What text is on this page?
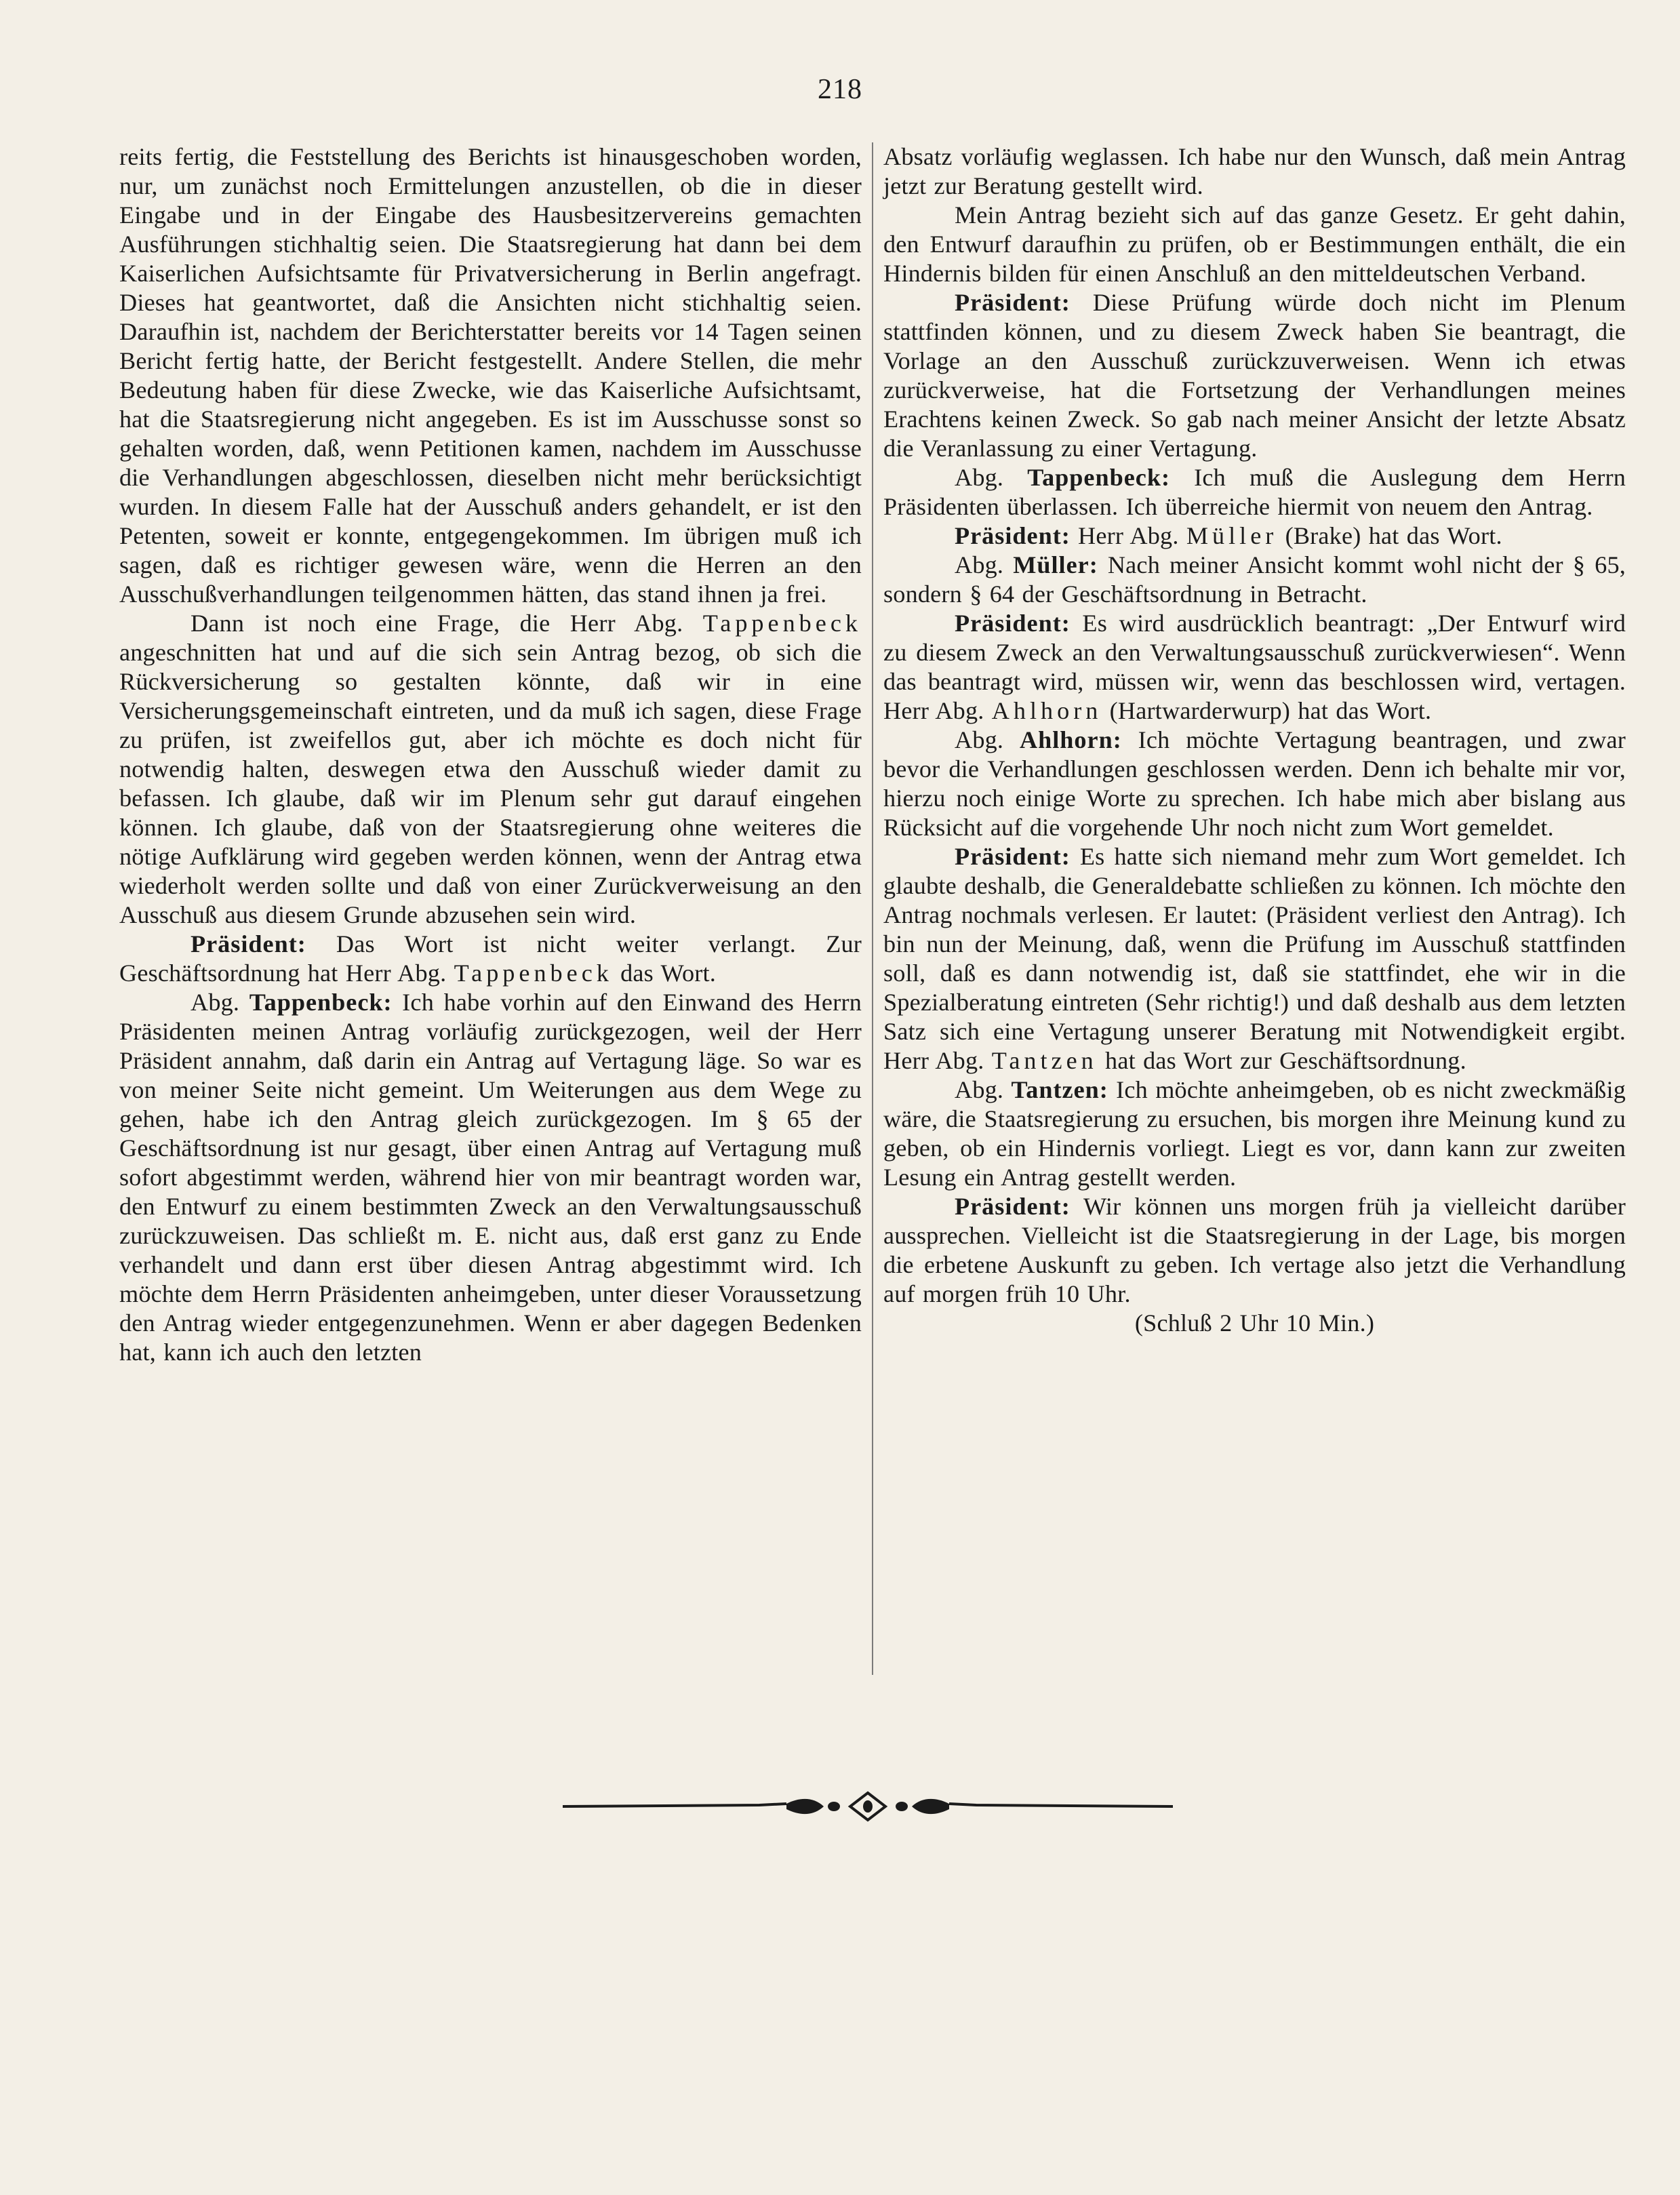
218

reits fertig, die Feststellung des Berichts ist hinausgeschoben worden, nur, um zunächst noch Ermittelungen anzustellen, ob die in dieser Eingabe und in der Eingabe des Hausbesitzervereins gemachten Ausführungen stichhaltig seien. Die Staatsregierung hat dann bei dem Kaiserlichen Aufsichtsamte für Privatversicherung in Berlin angefragt. Dieses hat geantwortet, daß die Ansichten nicht stichhaltig seien. Daraufhin ist, nachdem der Berichterstatter bereits vor 14 Tagen seinen Bericht fertig hatte, der Bericht festgestellt. Andere Stellen, die mehr Bedeutung haben für diese Zwecke, wie das Kaiserliche Aufsichtsamt, hat die Staatsregierung nicht angegeben. Es ist im Ausschusse sonst so gehalten worden, daß, wenn Petitionen kamen, nachdem im Ausschusse die Verhandlungen abgeschlossen, dieselben nicht mehr berücksichtigt wurden. In diesem Falle hat der Ausschuß anders gehandelt, er ist den Petenten, soweit er konnte, entgegengekommen. Im übrigen muß ich sagen, daß es richtiger gewesen wäre, wenn die Herren an den Ausschußverhandlungen teilgenommen hätten, das stand ihnen ja frei.

Dann ist noch eine Frage, die Herr Abg. Tappenbeck angeschnitten hat und auf die sich sein Antrag bezog, ob sich die Rückversicherung so gestalten könnte, daß wir in eine Versicherungsgemeinschaft eintreten, und da muß ich sagen, diese Frage zu prüfen, ist zweifellos gut, aber ich möchte es doch nicht für notwendig halten, deswegen etwa den Ausschuß wieder damit zu befassen. Ich glaube, daß wir im Plenum sehr gut darauf eingehen können. Ich glaube, daß von der Staatsregierung ohne weiteres die nötige Aufklärung wird gegeben werden können, wenn der Antrag etwa wiederholt werden sollte und daß von einer Zurückverweisung an den Ausschuß aus diesem Grunde abzusehen sein wird.

Präsident: Das Wort ist nicht weiter verlangt. Zur Geschäftsordnung hat Herr Abg. Tappenbeck das Wort.

Abg. Tappenbeck: Ich habe vorhin auf den Einwand des Herrn Präsidenten meinen Antrag vorläufig zurückgezogen, weil der Herr Präsident annahm, daß darin ein Antrag auf Vertagung läge. So war es von meiner Seite nicht gemeint. Um Weiterungen aus dem Wege zu gehen, habe ich den Antrag gleich zurückgezogen. Im § 65 der Geschäftsordnung ist nur gesagt, über einen Antrag auf Vertagung muß sofort abgestimmt werden, während hier von mir beantragt worden war, den Entwurf zu einem bestimmten Zweck an den Verwaltungsausschuß zurückzuweisen. Das schließt m. E. nicht aus, daß erst ganz zu Ende verhandelt und dann erst über diesen Antrag abgestimmt wird. Ich möchte dem Herrn Präsidenten anheimgeben, unter dieser Voraussetzung den Antrag wieder entgegenzunehmen. Wenn er aber dagegen Bedenken hat, kann ich auch den letzten

Absatz vorläufig weglassen. Ich habe nur den Wunsch, daß mein Antrag jetzt zur Beratung gestellt wird.

Mein Antrag bezieht sich auf das ganze Gesetz. Er geht dahin, den Entwurf daraufhin zu prüfen, ob er Bestimmungen enthält, die ein Hindernis bilden für einen Anschluß an den mitteldeutschen Verband.

Präsident: Diese Prüfung würde doch nicht im Plenum stattfinden können, und zu diesem Zweck haben Sie beantragt, die Vorlage an den Ausschuß zurückzuverweisen. Wenn ich etwas zurückverweise, hat die Fortsetzung der Verhandlungen meines Erachtens keinen Zweck. So gab nach meiner Ansicht der letzte Absatz die Veranlassung zu einer Vertagung.

Abg. Tappenbeck: Ich muß die Auslegung dem Herrn Präsidenten überlassen. Ich überreiche hiermit von neuem den Antrag.

Präsident: Herr Abg. Müller (Brake) hat das Wort.

Abg. Müller: Nach meiner Ansicht kommt wohl nicht der § 65, sondern § 64 der Geschäftsordnung in Betracht.

Präsident: Es wird ausdrücklich beantragt: „Der Entwurf wird zu diesem Zweck an den Verwaltungsausschuß zurückverwiesen“. Wenn das beantragt wird, müssen wir, wenn das beschlossen wird, vertagen. Herr Abg. Ahlhorn (Hartwarderwurp) hat das Wort.

Abg. Ahlhorn: Ich möchte Vertagung beantragen, und zwar bevor die Verhandlungen geschlossen werden. Denn ich behalte mir vor, hierzu noch einige Worte zu sprechen. Ich habe mich aber bislang aus Rücksicht auf die vorgehende Uhr noch nicht zum Wort gemeldet.

Präsident: Es hatte sich niemand mehr zum Wort gemeldet. Ich glaubte deshalb, die Generaldebatte schließen zu können. Ich möchte den Antrag nochmals verlesen. Er lautet: (Präsident verliest den Antrag). Ich bin nun der Meinung, daß, wenn die Prüfung im Ausschuß stattfinden soll, daß es dann notwendig ist, daß sie stattfindet, ehe wir in die Spezialberatung eintreten (Sehr richtig!) und daß deshalb aus dem letzten Satz sich eine Vertagung unserer Beratung mit Notwendigkeit ergibt. Herr Abg. Tantzen hat das Wort zur Geschäftsordnung.

Abg. Tantzen: Ich möchte anheimgeben, ob es nicht zweckmäßig wäre, die Staatsregierung zu ersuchen, bis morgen ihre Meinung kund zu geben, ob ein Hindernis vorliegt. Liegt es vor, dann kann zur zweiten Lesung ein Antrag gestellt werden.

Präsident: Wir können uns morgen früh ja vielleicht darüber aussprechen. Vielleicht ist die Staatsregierung in der Lage, bis morgen die erbetene Auskunft zu geben. Ich vertage also jetzt die Verhandlung auf morgen früh 10 Uhr.

(Schluß 2 Uhr 10 Min.)
